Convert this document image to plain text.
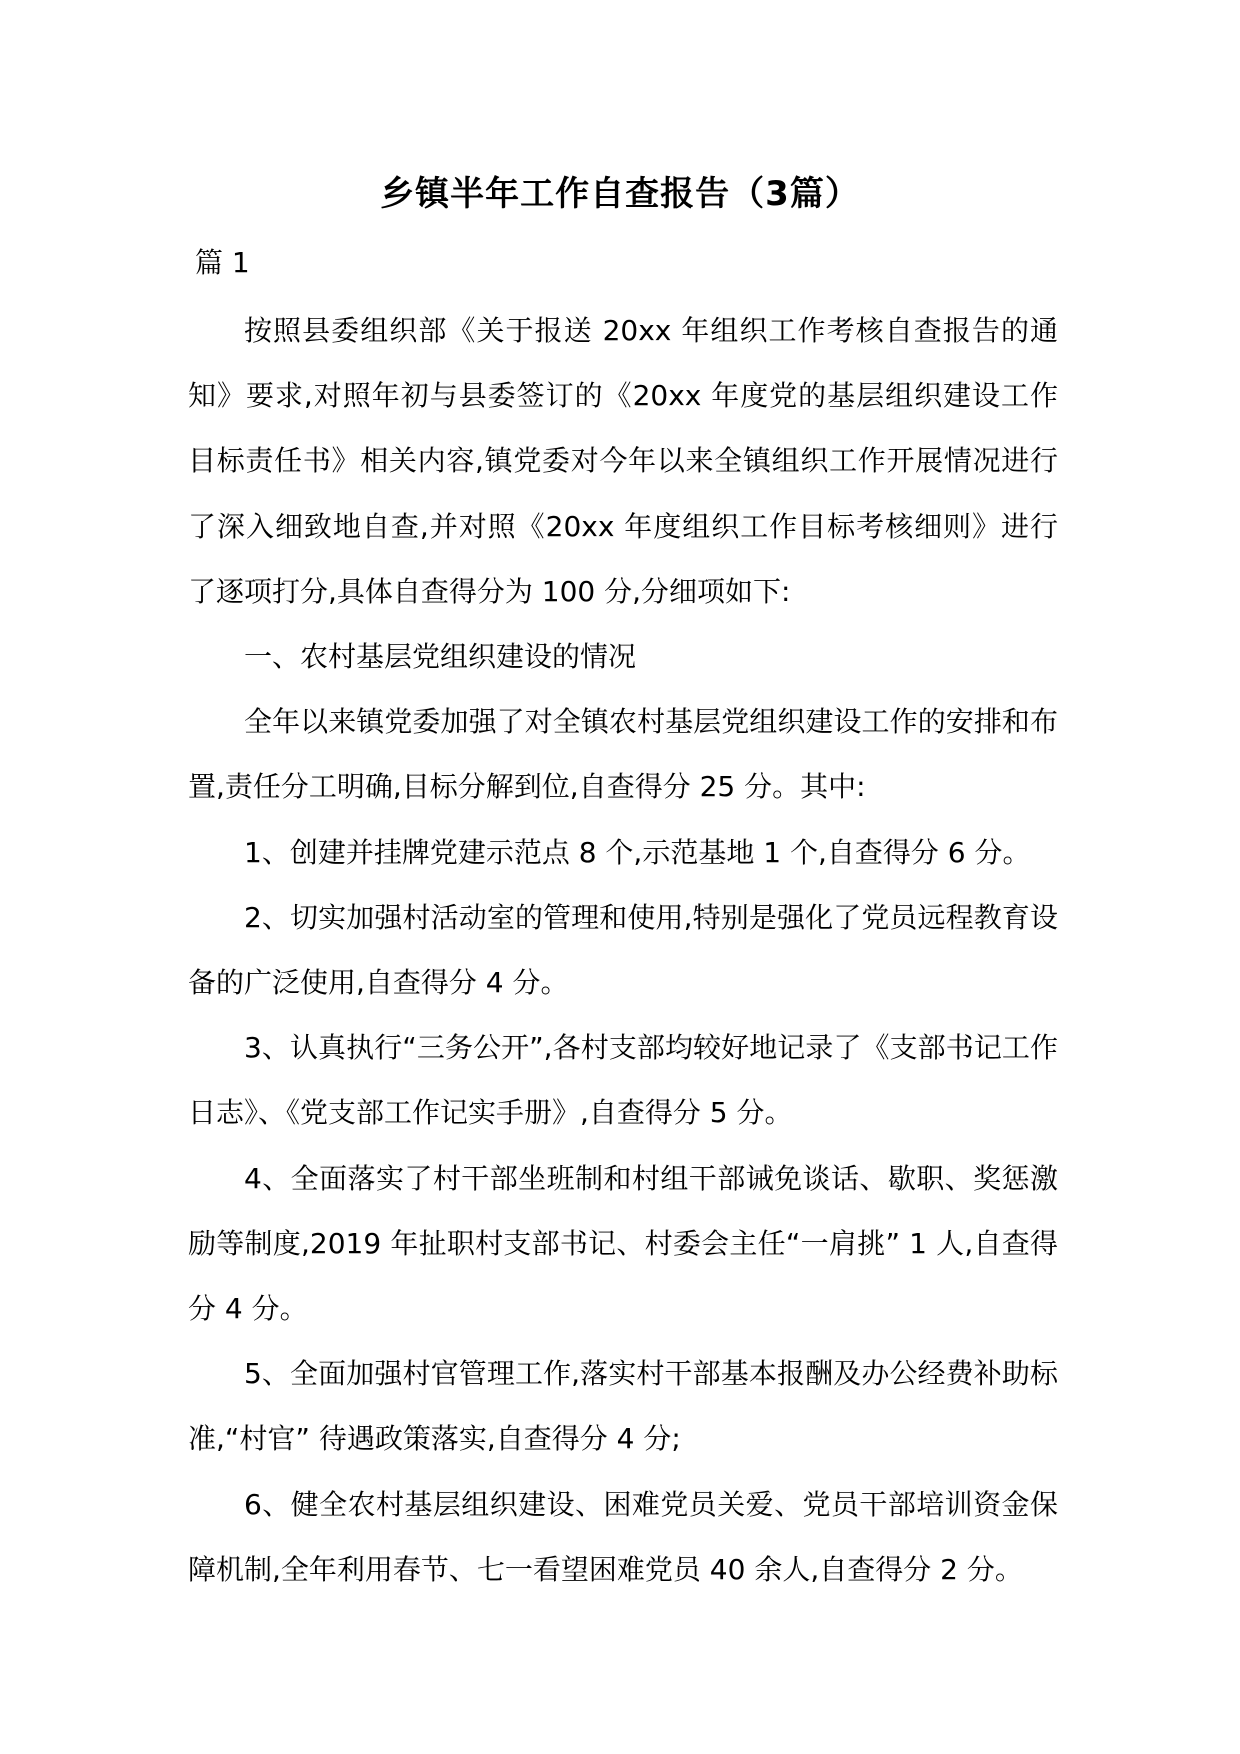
乡镇半年工作自查报告（3篇）
篇 1

按照县委组织部《关于报送 20xx 年组织工作考核自查报告的通知》要求,对照年初与县委签订的《20xx 年度党的基层组织建设工作目标责任书》相关内容,镇党委对今年以来全镇组织工作开展情况进行了深入细致地自查,并对照《20xx 年度组织工作目标考核细则》进行了逐项打分,具体自查得分为 100 分,分细项如下:

一、农村基层党组织建设的情况

全年以来镇党委加强了对全镇农村基层党组织建设工作的安排和布置,责任分工明确,目标分解到位,自查得分 25 分。其中:

1、创建并挂牌党建示范点 8 个,示范基地 1 个,自查得分 6 分。

2、切实加强村活动室的管理和使用,特别是强化了党员远程教育设备的广泛使用,自查得分 4 分。

3、认真执行“三务公开”,各村支部均较好地记录了《支部书记工作日志》、《党支部工作记实手册》,自查得分 5 分。

4、全面落实了村干部坐班制和村组干部诫免谈话、歇职、奖惩激励等制度,2019 年扯职村支部书记、村委会主任“一肩挑” 1 人,自查得分 4 分。

5、全面加强村官管理工作,落实村干部基本报酬及办公经费补助标准,“村官” 待遇政策落实,自查得分 4 分;

6、健全农村基层组织建设、困难党员关爱、党员干部培训资金保障机制,全年利用春节、七一看望困难党员 40 余人,自查得分 2 分。
